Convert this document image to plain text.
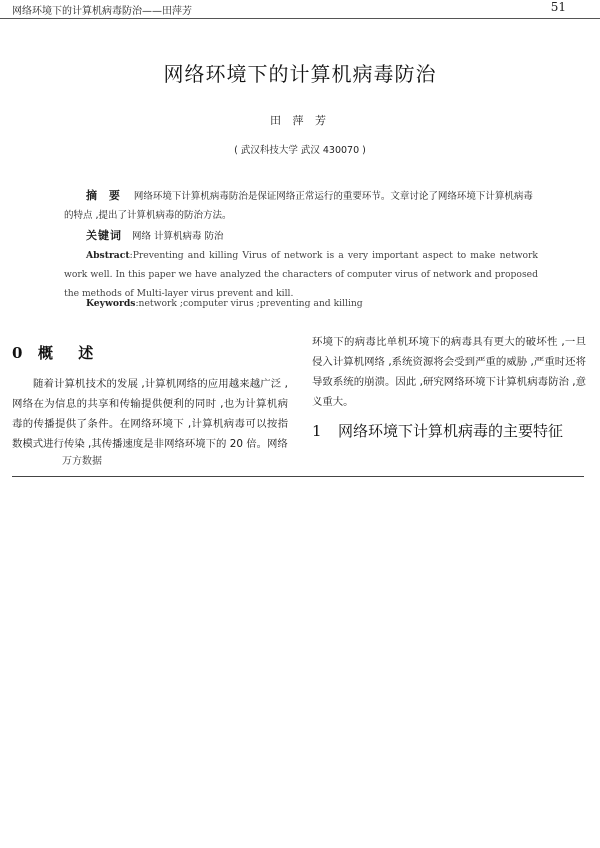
网络环境下的计算机病毒防治——田萍芳	51
网络环境下的计算机病毒防治
田 萍 芳
( 武汉科技大学 武汉 430070 )
摘 要 网络环境下计算机病毒防治是保证网络正常运行的重要环节。文章讨论了网络环境下计算机病毒的特点 ,提出了计算机病毒的防治方法。
关键词 网络 计算机病毒 防治
Abstract:Preventing and killing Virus of network is a very important aspect to make network work well. In this paper we have analyzed the characters of computer virus of network and proposed the methods of Multi-layer virus prevent and kill.
Keywords:network ;computer virus ;preventing and killing
0 概 述

随着计算机技术的发展 ,计算机网络的应用越来越广泛 ,网络在为信息的共享和传输提供便利的同时 ,也为计算机病毒的传播提供了条件。在网络环境下 ,计算机病毒可以按指数模式进行传染 ,其传播速度是非网络环境下的 20 倍。网络

万方数据

环境下的病毒比单机环境下的病毒具有更大的破坏性 ,一旦侵入计算机网络 ,系统资源将会受到严重的威胁 ,严重时还将导致系统的崩溃。因此 ,研究网络环境下计算机病毒防治 ,意义重大。

1	网络环境下计算机病毒的主要特征
